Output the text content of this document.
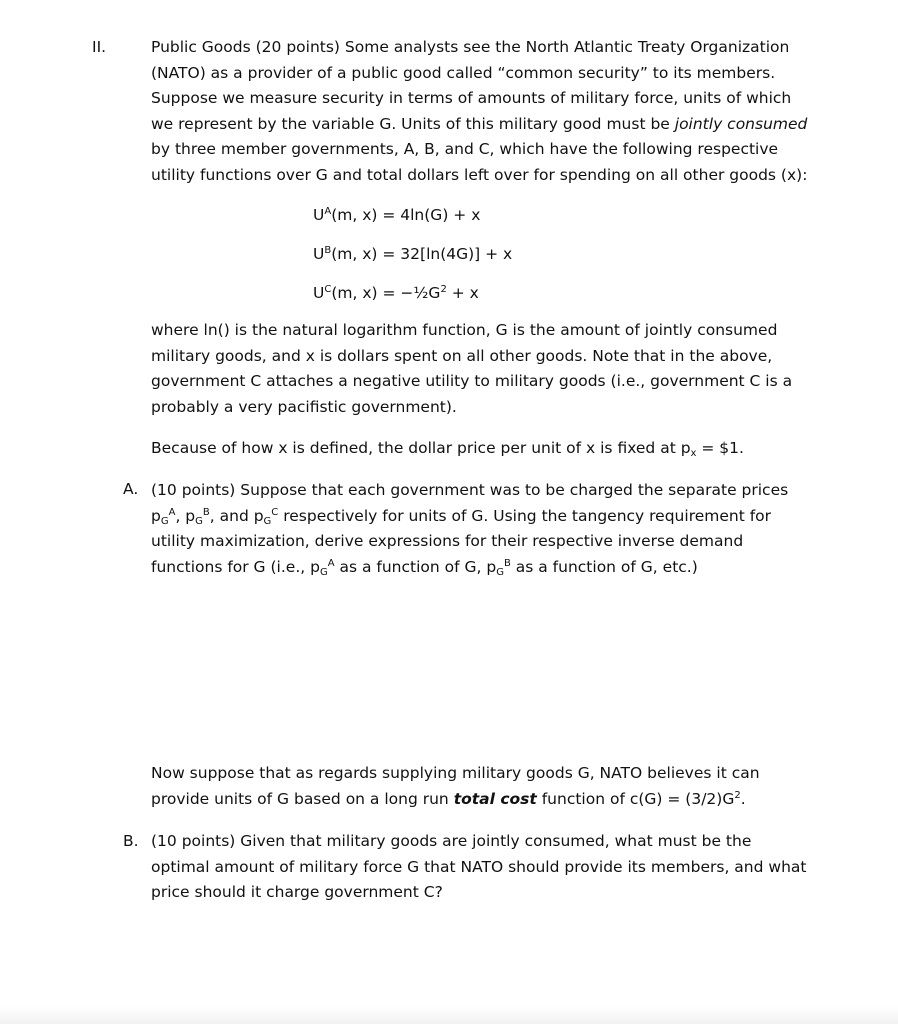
II.	Public Goods (20 points) Some analysts see the North Atlantic Treaty Organization (NATO) as a provider of a public good called “common security” to its members. Suppose we measure security in terms of amounts of military force, units of which we represent by the variable G. Units of this military good must be jointly consumed by three member governments, A, B, and C, which have the following respective utility functions over G and total dollars left over for spending on all other goods (x):

$U^A(m$, x) = 4ln(G) + x
$U^B(m$, x) = 32[ln(4G)] + x
$U^C(m$, $x) = -\frac{1}{2}G^2 + x$

where ln() is the natural logarithm function, G is the amount of jointly consumed military goods, and x is dollars spent on all other goods. Note that in the above, government C attaches a negative utility to military goods (i.e., government C is a probably a very pacifistic government).

Because of how x is defined, the dollar price per unit of x is fixed at $p_x$ = $1.

A. (10 points) Suppose that each government was to be charged the separate prices $p_G^A$, $p_G^B$, and $p_G^C$ respectively for units of G. Using the tangency requirement for utility maximization, derive expressions for their respective inverse demand functions for G (i.e., $p_G^A$ as a function of G, $p_G^B$ as a function of G, etc.)

Now suppose that as regards supplying military goods G, NATO believes it can provide units of G based on a long run total cost function of $c(G) = (3/2)G^2$.

B. (10 points) Given that military goods are jointly consumed, what must be the optimal amount of military force G that NATO should provide its members, and what price should it charge government C?
